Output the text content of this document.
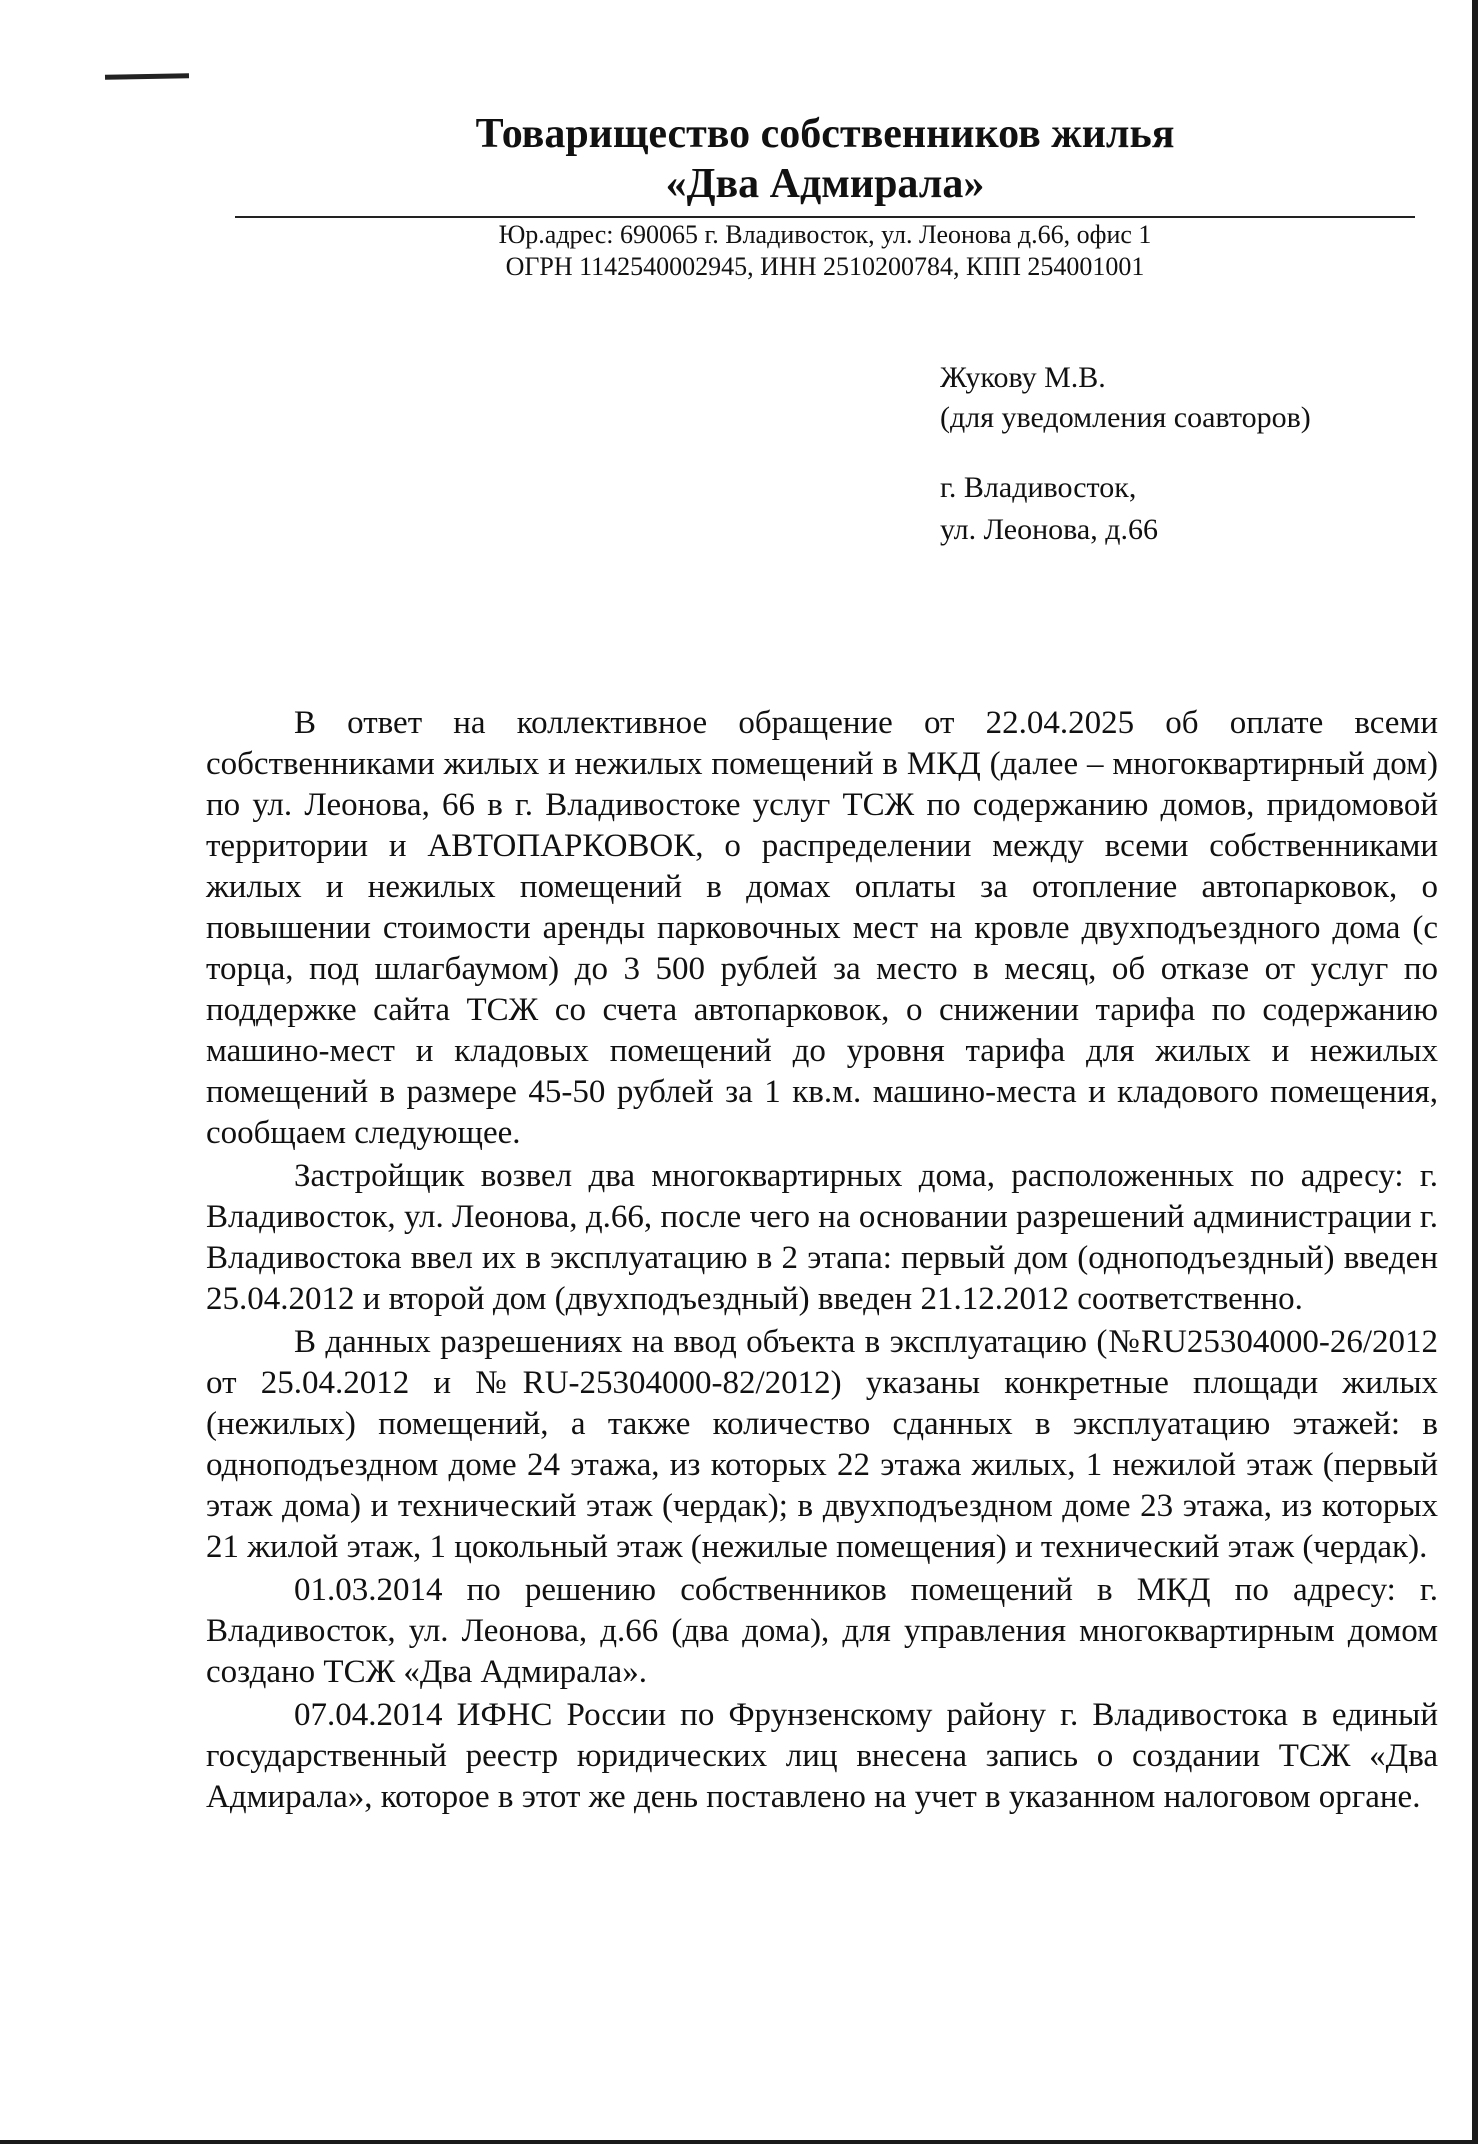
Товарищество собственников жилья
«Два Адмирала»
Юр.адрес: 690065 г. Владивосток, ул. Леонова д.66, офис 1
ОГРН 1142540002945, ИНН 2510200784, КПП 254001001
Жукову М.В.
(для уведомления соавторов)
г. Владивосток,
ул. Леонова, д.66

В ответ на коллективное обращение от 22.04.2025 об оплате всеми собственниками жилых и нежилых помещений в МКД (далее – многоквартирный дом) по ул. Леонова, 66 в г. Владивостоке услуг ТСЖ по содержанию домов, придомовой территории и АВТОПАРКОВОК, о распределении между всеми собственниками жилых и нежилых помещений в домах оплаты за отопление автопарковок, о повышении стоимости аренды парковочных мест на кровле двухподъездного дома (с торца, под шлагбаумом) до 3 500 рублей за место в месяц, об отказе от услуг по поддержке сайта ТСЖ со счета автопарковок, о снижении тарифа по содержанию машино-мест и кладовых помещений до уровня тарифа для жилых и нежилых помещений в размере 45-50 рублей за 1 кв.м. машино-места и кладового помещения, сообщаем следующее.

Застройщик возвел два многоквартирных дома, расположенных по адресу: г. Владивосток, ул. Леонова, д.66, после чего на основании разрешений администрации г. Владивостока ввел их в эксплуатацию в 2 этапа: первый дом (одноподъездный) введен 25.04.2012 и второй дом (двухподъездный) введен 21.12.2012 соответственно.

В данных разрешениях на ввод объекта в эксплуатацию (№RU25304000-26/2012 от 25.04.2012 и №RU-25304000-82/2012) указаны конкретные площади жилых (нежилых) помещений, а также количество сданных в эксплуатацию этажей: в одноподъездном доме 24 этажа, из которых 22 этажа жилых, 1 нежилой этаж (первый этаж дома) и технический этаж (чердак); в двухподъездном доме 23 этажа, из которых 21 жилой этаж, 1 цокольный этаж (нежилые помещения) и технический этаж (чердак).

01.03.2014 по решению собственников помещений в МКД по адресу: г. Владивосток, ул. Леонова, д.66 (два дома), для управления многоквартирным домом создано ТСЖ «Два Адмирала».

07.04.2014 ИФНС России по Фрунзенскому району г. Владивостока в единый государственный реестр юридических лиц внесена запись о создании ТСЖ «Два Адмирала», которое в этот же день поставлено на учет в указанном налоговом органе.
